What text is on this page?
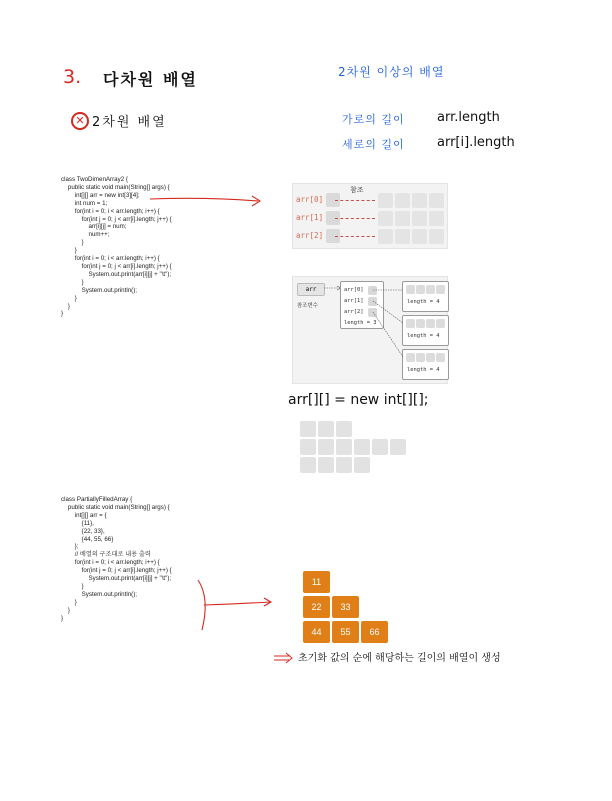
3. 다차원 배열
✕ 2차원 배열
2차원 이상의 배열
가로의 길이 arr.length
세로의 길이 arr[i].length
class TwoDimenArray2 {
public static void main(String[] args) {
int[][] arr = new int[3][4];
int num = 1;
for(int i = 0; i < arr.length; i++) {
for(int j = 0; j < arr[i].length; j++) {
arr[i][j] = num;
num++;
}
}
for(int i = 0; i < arr.length; i++) {
for(int j = 0; j < arr[i].length; j++) {
System.out.print(arr[i][j] + "\t");
}
System.out.println();
}
}
}
참조
arr[0]
arr[1]
arr[2]
arr
참조변수
arr[0]
arr[1]
arr[2]
length = 3
length = 4
length = 4
length = 4
arr[][] = new int[][];
class PartiallyFilledArray {
public static void main(String[] args) {
int[][] arr = {
{11},
{22, 33},
{44, 55, 66}
};
// 배열의 구조대로 내용 출력
for(int i = 0; i < arr.length; i++) {
for(int j = 0; j < arr[i].length; j++) {
System.out.print(arr[i][j] + "\t");
}
System.out.println();
}
}
}
11
22	33
44	55	66
초기화 값의 순에 해당하는 길이의 배열이 생성
